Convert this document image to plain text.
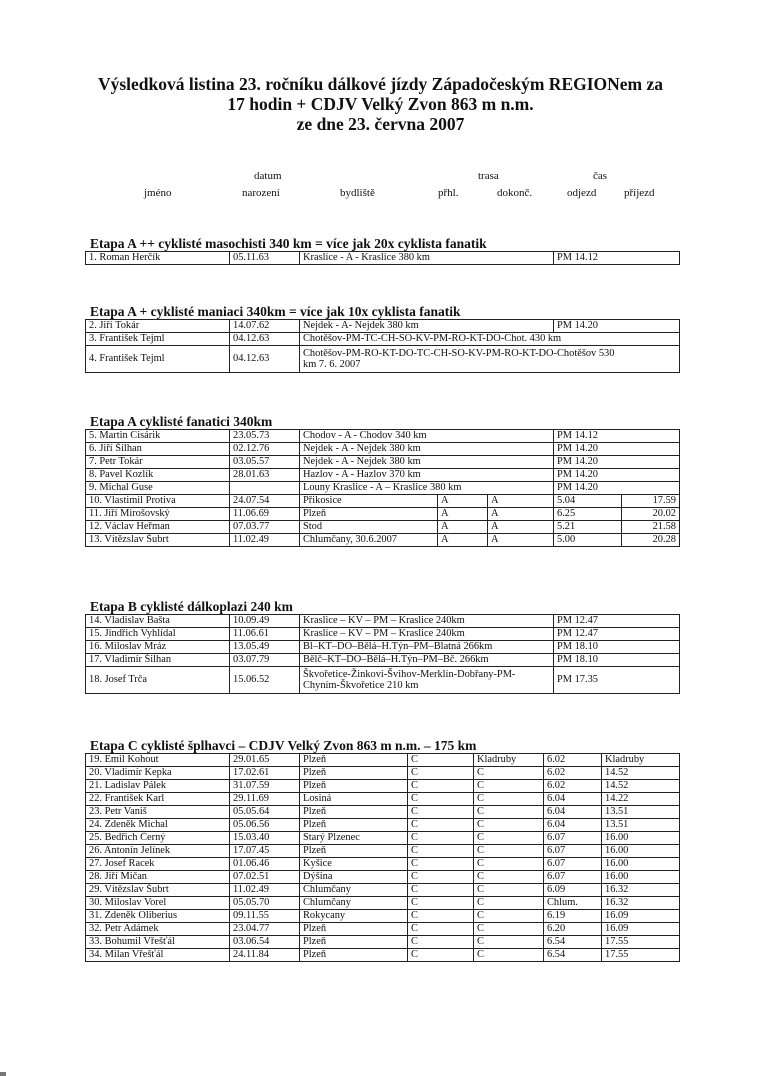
Výsledková listina 23. ročníku dálkové jízdy Západočeským REGIONem za
17 hodin + CDJV Velký Zvon 863 m n.m.
ze dne 23. června 2007
datum	trasa	čas
jméno	narození	bydliště	přhl.	dokonč.	odjezd	příjezd
Etapa A ++ cyklisté masochisti 340 km = více jak 20x cyklista fanatik
1. Roman Herčík	05.11.63	Kraslice - A - Kraslice 380 km	PM 14.12
Etapa A + cyklisté maniaci 340km = více jak 10x cyklista fanatik
2. Jiří Tokár	14.07.62	Nejdek - A- Nejdek 380 km	PM 14.20
3. František Tejml	04.12.63	Chotěšov-PM-TC-CH-SO-KV-PM-RO-KT-DO-Chot. 430 km	
4. František Tejml	04.12.63	Chotěšov-PM-RO-KT-DO-TC-CH-SO-KV-PM-RO-KT-DO-Chotěšov 530 km 7. 6. 2007	
Etapa A cyklisté fanatici 340km
5. Martin Cisárik	23.05.73	Chodov - A - Chodov 340 km			PM 14.12	
6. Jiří Šilhan	02.12.76	Nejdek - A - Nejdek 380 km			PM 14.20	
7. Petr Tokár	03.05.57	Nejdek - A - Nejdek 380 km			PM 14.20	
8. Pavel Kozlík	28.01.63	Hazlov - A - Hazlov 370 km			PM 14.20	
9. Michal Guse		Louny Kraslice - A – Kraslice 380 km			PM 14.20	
10. Vlastimil Protiva	24.07.54	Přikosice	A	A	5.04	17.59
11. Jiří Mirošovský	11.06.69	Plzeň	A	A	6.25	20.02
12. Václav Heřman	07.03.77	Stod	A	A	5.21	21.58
13. Vítězslav Šubrt	11.02.49	Chlumčany, 30.6.2007	A	A	5.00	20.28
Etapa B cyklisté dálkoplazi 240 km
14. Vladislav Bašta	10.09.49	Kraslice – KV – PM – Kraslice 240km	PM 12.47
15. Jindřich Vyhlídal	11.06.61	Kraslice – KV – PM – Kraslice 240km	PM 12.47
16. Miloslav Mráz	13.05.49	Bl–KT–DO–Bělá–H.Týn–PM–Blatná 266km	PM 18.10
17. Vladimír Šilhan	03.07.79	Bělč–KT–DO–Bělá–H.Týn–PM–Bč. 266km	PM 18.10
18. Josef Trča	15.06.52	Škvořetice-Žinkovi-Švihov-Merklín-Dobřany-PM-Chyním-Škvořetice 210 km	PM 17.35
Etapa C cyklisté šplhavci – CDJV Velký Zvon 863 m n.m. – 175 km
19. Emil Kohout	29.01.65	Plzeň	C	Kladruby	6.02	Kladruby
20. Vladimír Kepka	17.02.61	Plzeň	C	C	6.02	14.52
21. Ladislav Pálek	31.07.59	Plzeň	C	C	6.02	14.52
22. František Karl	29.11.69	Losiná	C	C	6.04	14.22
23. Petr Vaniš	05.05.64	Plzeň	C	C	6.04	13.51
24. Zdeněk Michal	05.06.56	Plzeň	C	C	6.04	13.51
25. Bedřich Černý	15.03.40	Starý Plzenec	C	C	6.07	16.00
26. Antonín Jelínek	17.07.45	Plzeň	C	C	6.07	16.00
27. Josef Racek	01.06.46	Kyšice	C	C	6.07	16.00
28. Jiří Mičan	07.02.51	Dýšina	C	C	6.07	16.00
29. Vítězslav Šubrt	11.02.49	Chlumčany	C	C	6.09	16.32
30. Miloslav Vorel	05.05.70	Chlumčany	C	C	Chlum.	16.32
31. Zdeněk Oliberius	09.11.55	Rokycany	C	C	6.19	16.09
32. Petr Adámek	23.04.77	Plzeň	C	C	6.20	16.09
33. Bohumil Vřešťál	03.06.54	Plzeň	C	C	6.54	17.55
34. Milan Vřešťál	24.11.84	Plzeň	C	C	6.54	17.55
